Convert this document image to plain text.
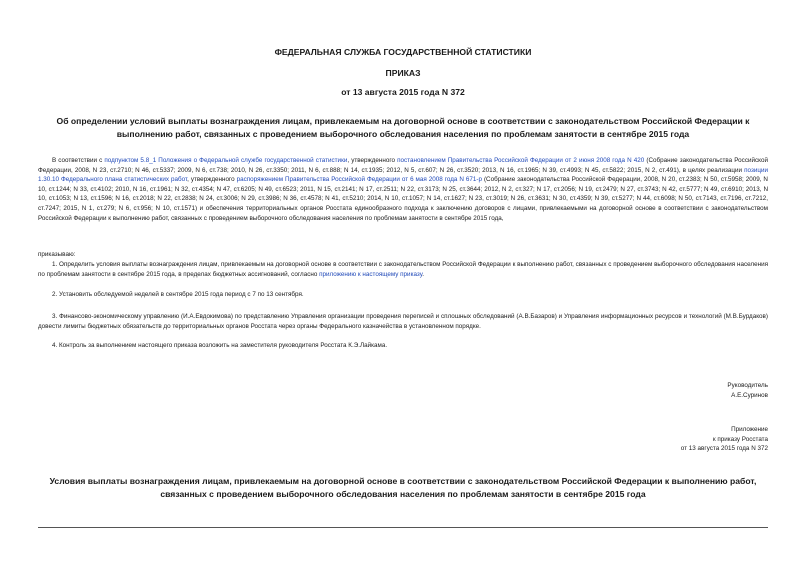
ФЕДЕРАЛЬНАЯ СЛУЖБА ГОСУДАРСТВЕННОЙ СТАТИСТИКИ
ПРИКАЗ
от 13 августа 2015 года N 372
Об определении условий выплаты вознаграждения лицам, привлекаемым на договорной основе в соответствии с законодательством Российской Федерации к выполнению работ, связанных с проведением выборочного обследования населения по проблемам занятости в сентябре 2015 года
В соответствии с подпунктом 5.8_1 Положения о Федеральной службе государственной статистики, утвержденного постановлением Правительства Российской Федерации от 2 июня 2008 года N 420 (Собрание законодательства Российской Федерации, 2008, N 23, ст.2710; N 46, ст.5337; 2009, N 6, ст.738; 2010, N 26, ст.3350; 2011, N 6, ст.888; N 14, ст.1935; 2012, N 5, ст.607; N 26, ст.3520; 2013, N 16, ст.1965; N 39, ст.4993; N 45, ст.5822; 2015, N 2, ст.491), в целях реализации позиции 1.30.10 Федерального плана статистических работ, утвержденного распоряжением Правительства Российской Федерации от 6 мая 2008 года N 671-р (Собрание законодательства Российской Федерации, 2008, N 20, ст.2383; N 50, ст.5958; 2009, N 10, ст.1244; N 33, ст.4102; 2010, N 16, ст.1961; N 32, ст.4354; N 47, ст.6205; N 49, ст.6523; 2011, N 15, ст.2141; N 17, ст.2511; N 22, ст.3173; N 25, ст.3644; 2012, N 2, ст.327; N 17, ст.2056; N 19, ст.2479; N 27, ст.3743; N 42, ст.5777; N 49, ст.6910; 2013, N 10, ст.1053; N 13, ст.1596; N 16, ст.2018; N 22, ст.2838; N 24, ст.3006; N 29, ст.3986; N 36, ст.4578; N 41, ст.5210; 2014, N 10, ст.1057; N 14, ст.1627; N 23, ст.3019; N 26, ст.3631; N 30, ст.4359; N 39, ст.5277; N 44, ст.6098; N 50, ст.7143, ст.7196, ст.7212, ст.7247; 2015, N 1, ст.279; N 6, ст.956; N 10, ст.1571) и обеспечения территориальных органов Росстата единообразного подхода к заключению договоров с лицами, привлекаемыми на договорной основе в соответствии с законодательством Российской Федерации к выполнению работ, связанных с проведением выборочного обследования населения по проблемам занятости в сентябре 2015 года,
приказываю:
1. Определить условия выплаты вознаграждения лицам, привлекаемым на договорной основе в соответствии с законодательством Российской Федерации к выполнению работ, связанных с проведением выборочного обследования населения по проблемам занятости в сентябре 2015 года, в пределах бюджетных ассигнований, согласно приложению к настоящему приказу.
2. Установить обследуемой неделей в сентябре 2015 года период с 7 по 13 сентября.
3. Финансово-экономическому управлению (И.А.Евдокимова) по представлению Управления организации проведения переписей и сплошных обследований (А.В.Базаров) и Управления информационных ресурсов и технологий (М.В.Бурдаков) довести лимиты бюджетных обязательств до территориальных органов Росстата через органы Федерального казначейства в установленном порядке.
4. Контроль за выполнением настоящего приказа возложить на заместителя руководителя Росстата К.Э.Лайкама.
Руководитель
А.Е.Суринов
Приложение
к приказу Росстата
от 13 августа 2015 года N 372
Условия выплаты вознаграждения лицам, привлекаемым на договорной основе в соответствии с законодательством Российской Федерации к выполнению работ, связанных с проведением выборочного обследования населения по проблемам занятости в сентябре 2015 года
